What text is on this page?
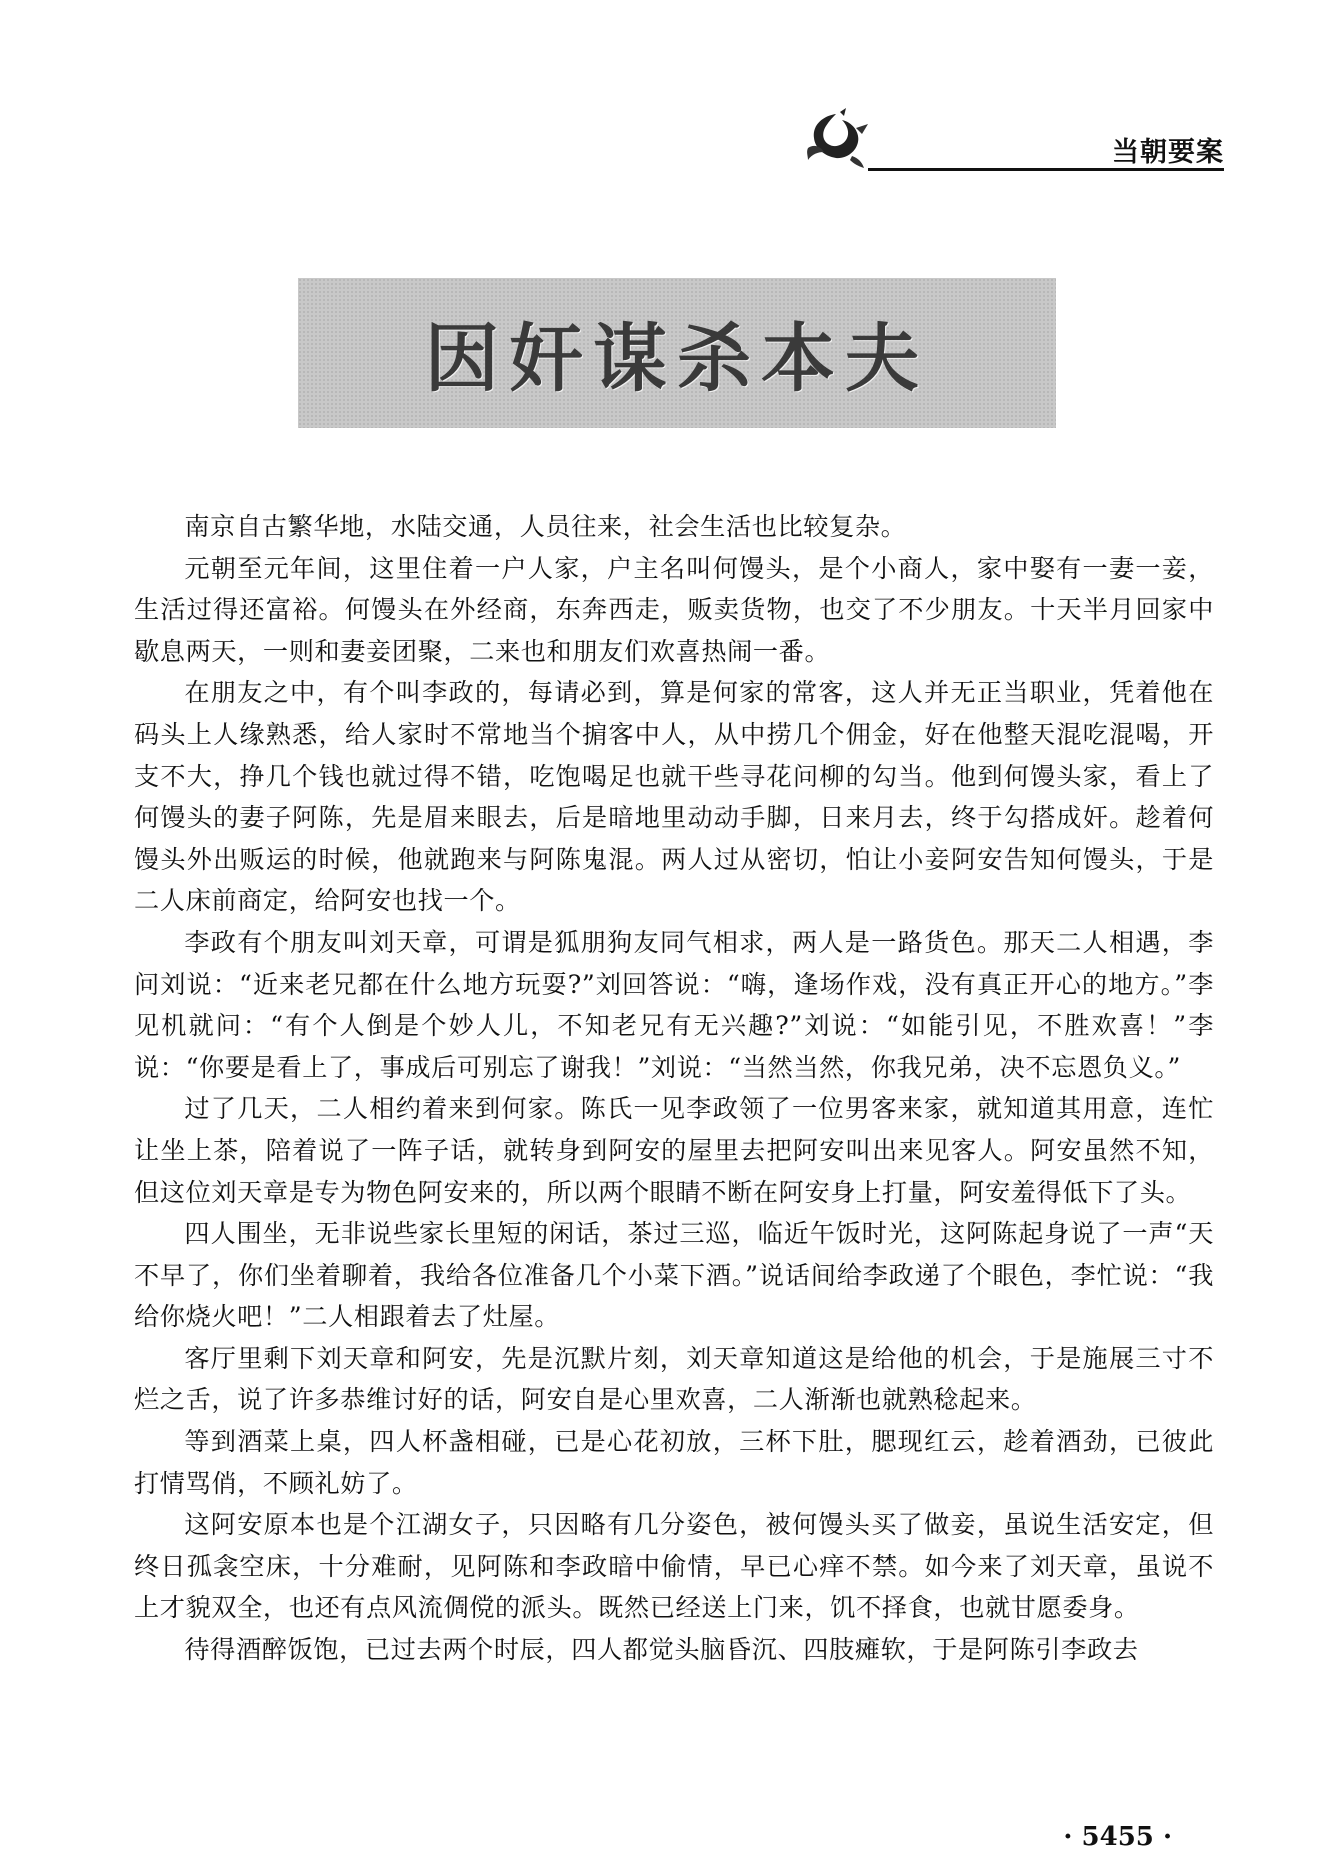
当朝要案
因奸谋杀本夫

南京自古繁华地，水陆交通，人员往来，社会生活也比较复杂。

元朝至元年间，这里住着一户人家，户主名叫何馒头，是个小商人，家中娶有一妻一妾，生活过得还富裕。何馒头在外经商，东奔西走，贩卖货物，也交了不少朋友。十天半月回家中歇息两天，一则和妻妾团聚，二来也和朋友们欢喜热闹一番。

在朋友之中，有个叫李政的，每请必到，算是何家的常客，这人并无正当职业，凭着他在码头上人缘熟悉，给人家时不常地当个掮客中人，从中捞几个佣金，好在他整天混吃混喝，开支不大，挣几个钱也就过得不错，吃饱喝足也就干些寻花问柳的勾当。他到何馒头家，看上了何馒头的妻子阿陈，先是眉来眼去，后是暗地里动动手脚，日来月去，终于勾搭成奸。趁着何馒头外出贩运的时候，他就跑来与阿陈鬼混。两人过从密切，怕让小妾阿安告知何馒头，于是二人床前商定，给阿安也找一个。

李政有个朋友叫刘天章，可谓是狐朋狗友同气相求，两人是一路货色。那天二人相遇，李问刘说：“近来老兄都在什么地方玩耍?”刘回答说：“嗨，逢场作戏，没有真正开心的地方。”李见机就问：“有个人倒是个妙人儿，不知老兄有无兴趣?”刘说：“如能引见，不胜欢喜！”李说：“你要是看上了，事成后可别忘了谢我！”刘说：“当然当然，你我兄弟，决不忘恩负义。”

过了几天，二人相约着来到何家。陈氏一见李政领了一位男客来家，就知道其用意，连忙让坐上茶，陪着说了一阵子话，就转身到阿安的屋里去把阿安叫出来见客人。阿安虽然不知，但这位刘天章是专为物色阿安来的，所以两个眼睛不断在阿安身上打量，阿安羞得低下了头。

四人围坐，无非说些家长里短的闲话，茶过三巡，临近午饭时光，这阿陈起身说了一声“天不早了，你们坐着聊着，我给各位准备几个小菜下酒。”说话间给李政递了个眼色，李忙说：“我给你烧火吧！”二人相跟着去了灶屋。

客厅里剩下刘天章和阿安，先是沉默片刻，刘天章知道这是给他的机会，于是施展三寸不烂之舌，说了许多恭维讨好的话，阿安自是心里欢喜，二人渐渐也就熟稔起来。

等到酒菜上桌，四人杯盏相碰，已是心花初放，三杯下肚，腮现红云，趁着酒劲，已彼此打情骂俏，不顾礼妨了。

这阿安原本也是个江湖女子，只因略有几分姿色，被何馒头买了做妾，虽说生活安定，但终日孤衾空床，十分难耐，见阿陈和李政暗中偷情，早已心痒不禁。如今来了刘天章，虽说不上才貌双全，也还有点风流倜傥的派头。既然已经送上门来，饥不择食，也就甘愿委身。

待得酒醉饭饱，已过去两个时辰，四人都觉头脑昏沉、四肢瘫软，于是阿陈引李政去

· 5455 ·
